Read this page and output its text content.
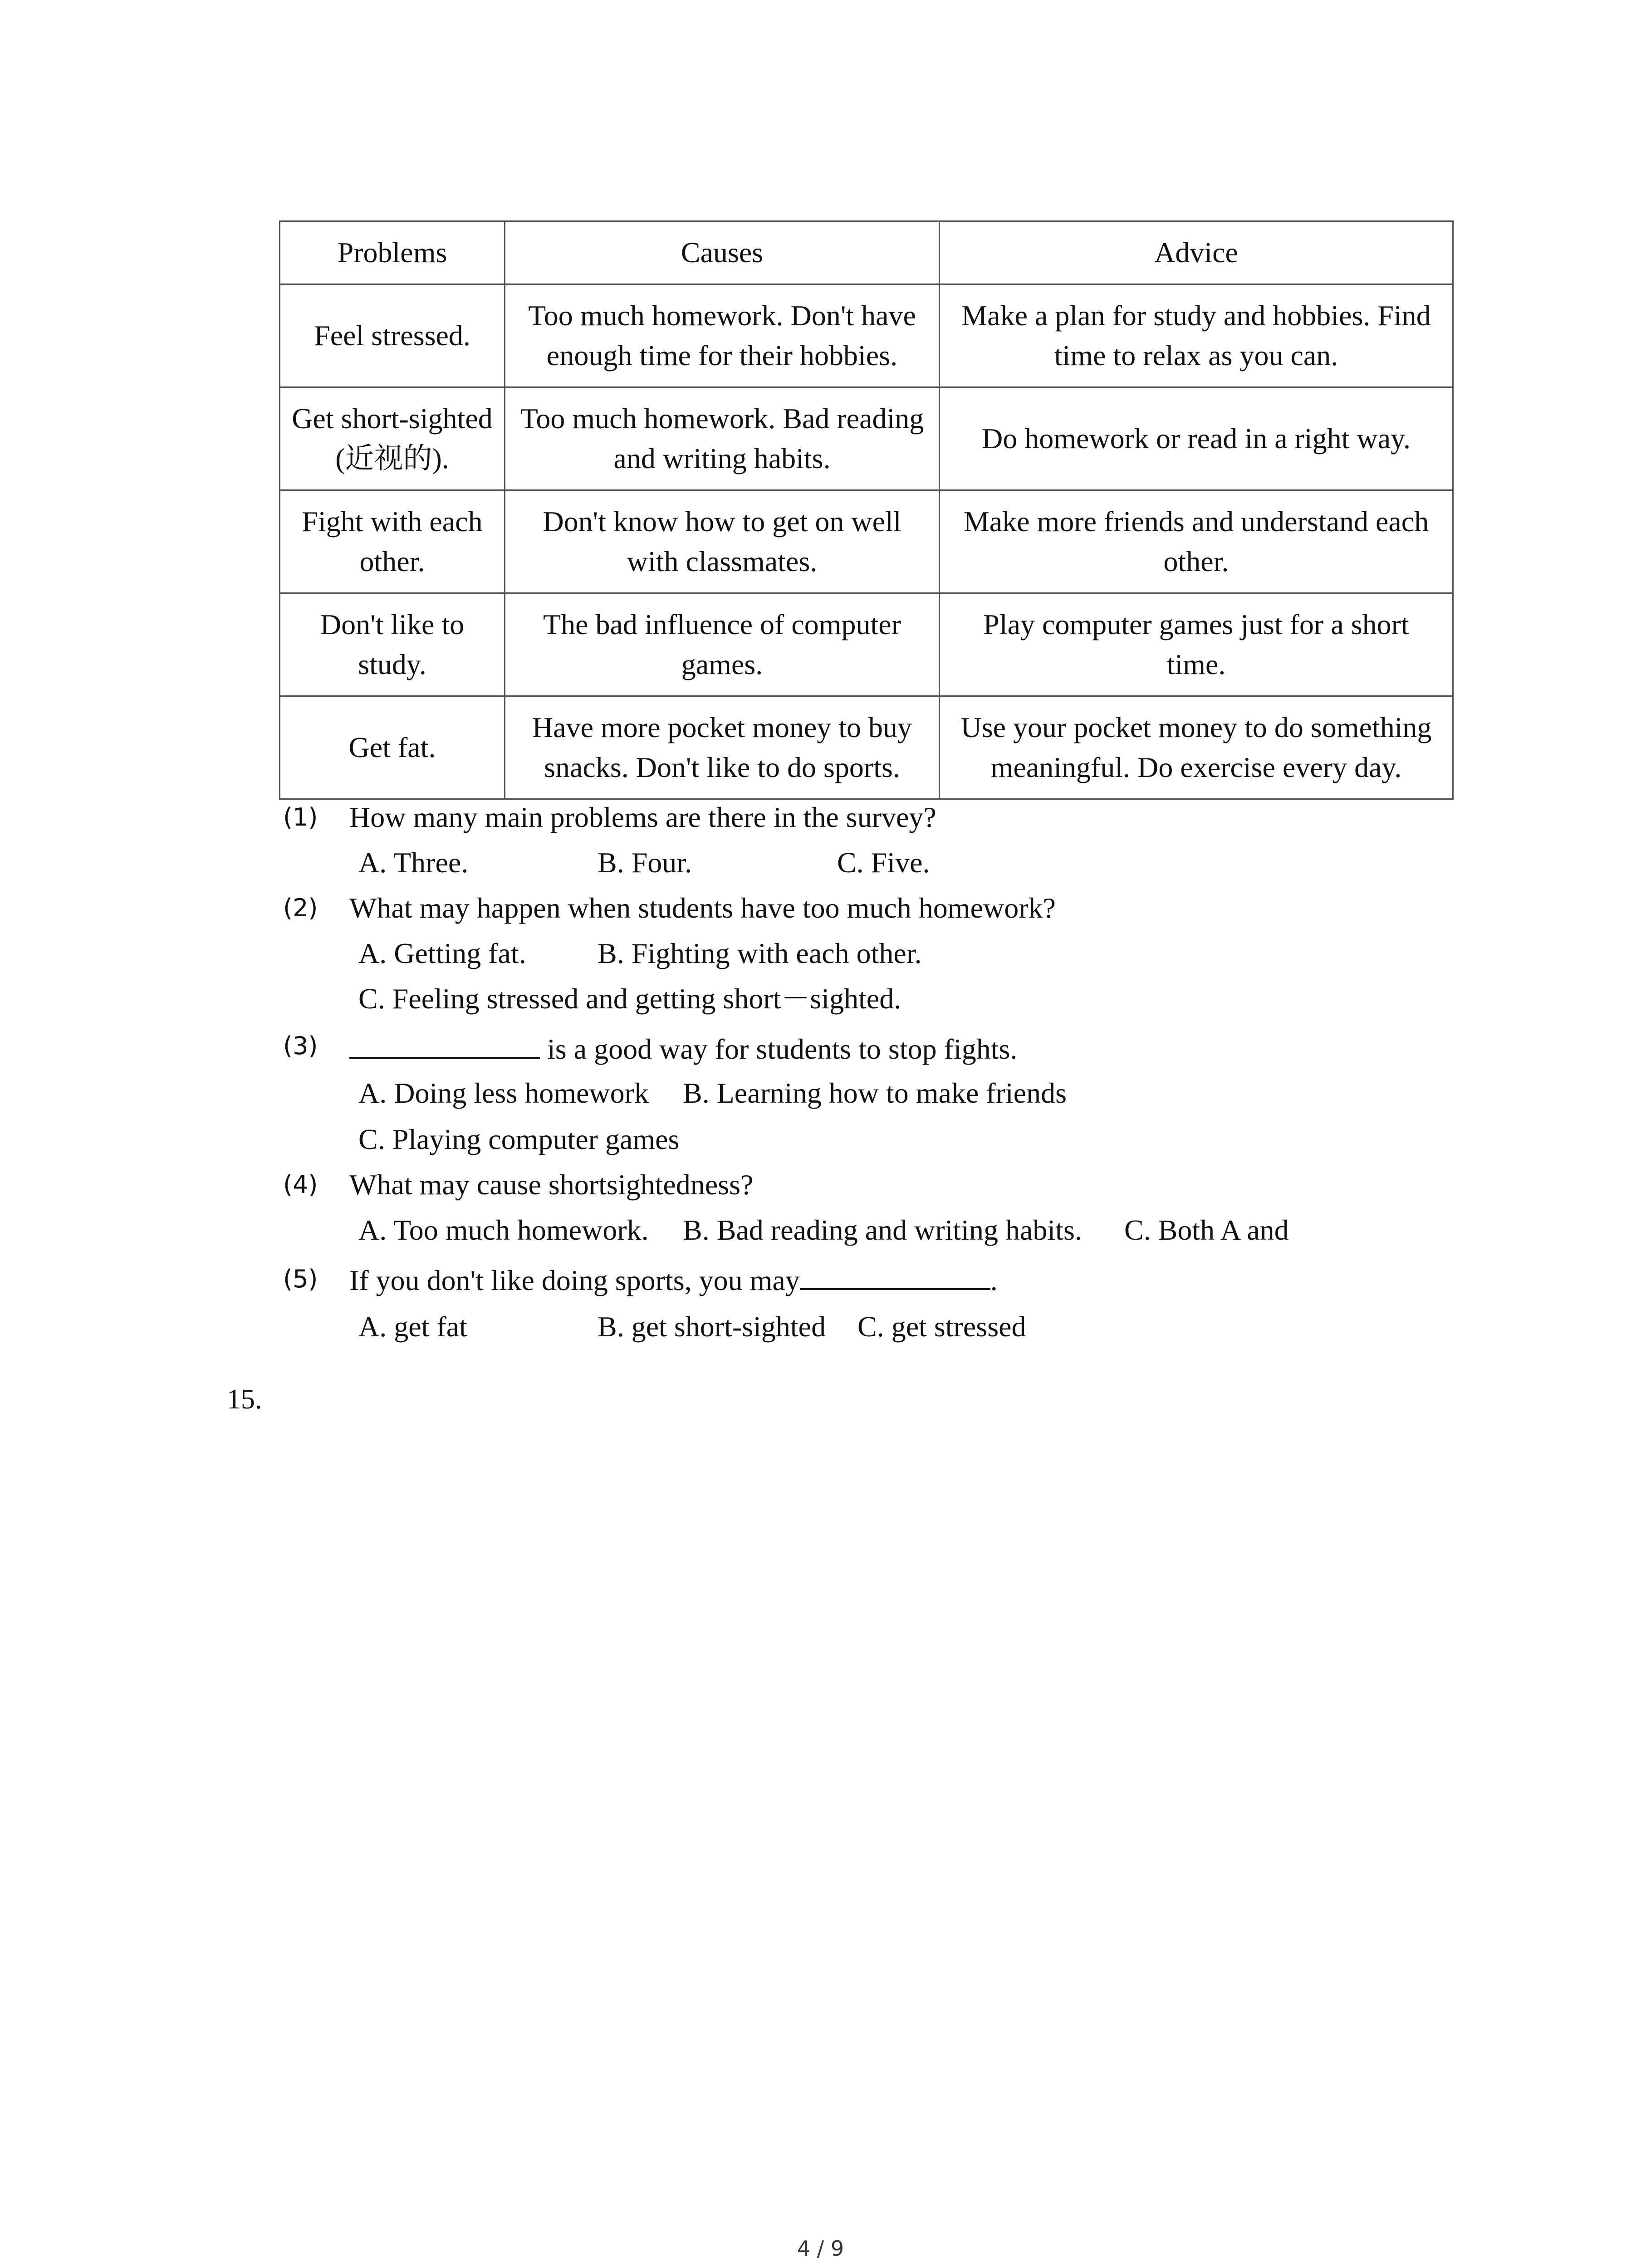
Problems	Causes	Advice
Feel stressed.	Too much homework. Don't have enough time for their hobbies.	Make a plan for study and hobbies. Find time to relax as you can.
Get short-sighted (近视的).	Too much homework. Bad reading and writing habits.	Do homework or read in a right way.
Fight with each other.	Don't know how to get on well with classmates.	Make more friends and understand each other.
Don't like to study.	The bad influence of computer games.	Play computer games just for a short time.
Get fat.	Have more pocket money to buy snacks. Don't like to do sports.	Use your pocket money to do something meaningful. Do exercise every day.
(1) How many main problems are there in the survey?
A. Three.	B. Four.	C. Five.
(2) What may happen when students have too much homework?
A. Getting fat. B. Fighting with each other.
C. Feeling stressed and getting short－sighted.
(3)	is a good way for students to stop fights.
A. Doing less homework B. Learning how to make friends
C. Playing computer games
(4) What may cause shortsightedness?
A. Too much homework. B. Bad reading and writing habits. C. Both A and
(5) If you don't like doing sports, you may	.
A. get fat	B. get short-sighted C. get stressed
15.
4 / 9
